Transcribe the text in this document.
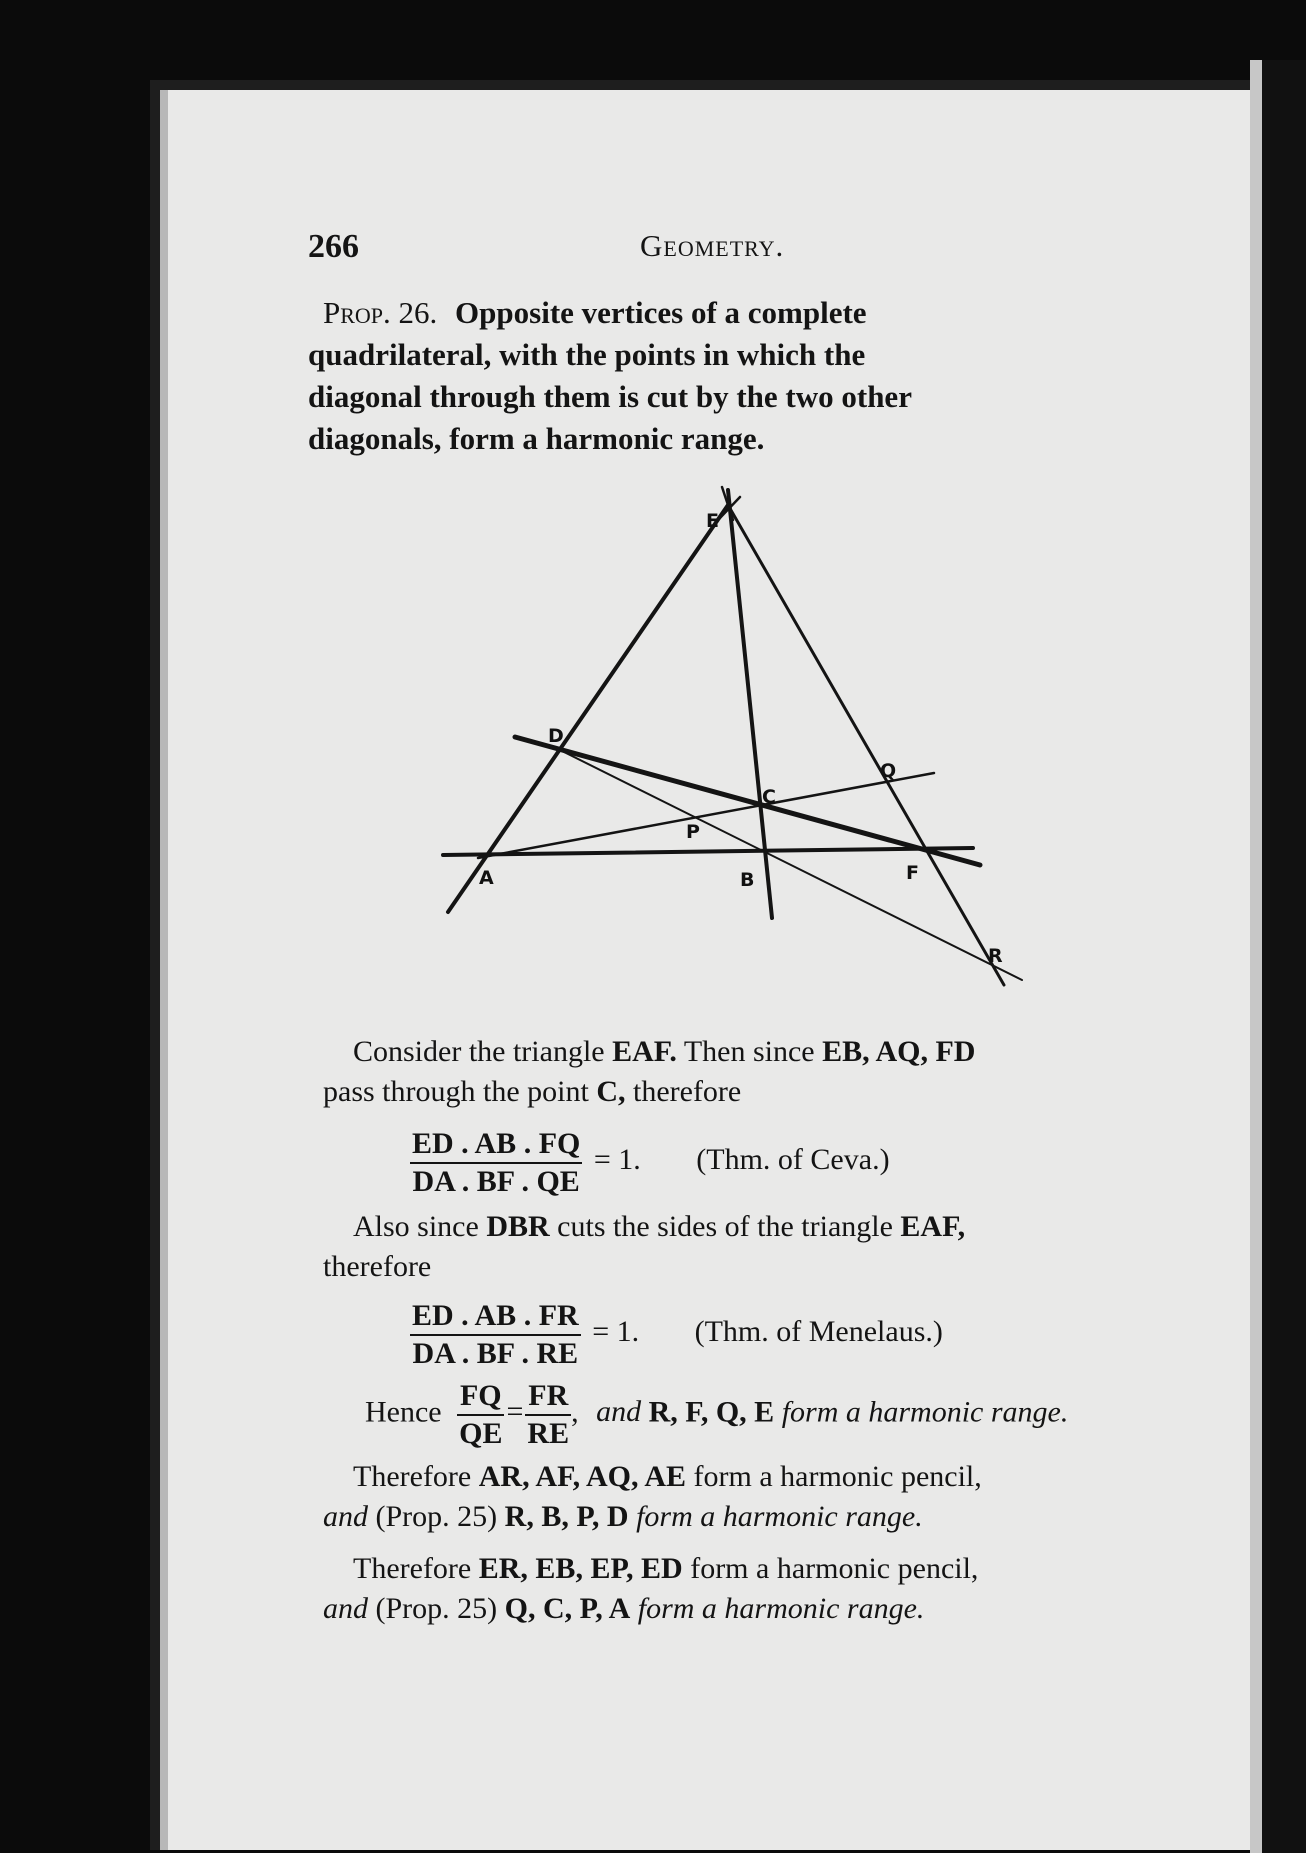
266	Geometry.
Prop. 26. Opposite vertices of a complete
quadrilateral, with the points in which the
diagonal through them is cut by the two other
diagonals, form a harmonic range.
E
D
Q
C
P
A	B	F
R
Consider the triangle EAF. Then since EB, AQ, FD
pass through the point C, therefore
$\frac{ED . AB . FQ}{DA . BF . QE} = 1$. (Thm. of Ceva.)
Also since DBR cuts the sides of the triangle EAF,
therefore
$\frac{ED . AB . FR}{DA . BF . RE} = 1$. (Thm. of Menelaus.)
Hence $\frac{FQ}{QE} = \frac{FR}{RE}$ , and R, F, Q, E form a harmonic range.
Therefore AR, AF, AQ, AE form a harmonic pencil,
and (Prop. 25) R, B, P, D form a harmonic range.
Therefore ER, EB, EP, ED form a harmonic pencil,
and (Prop. 25) Q, C, P, A form a harmonic range.
